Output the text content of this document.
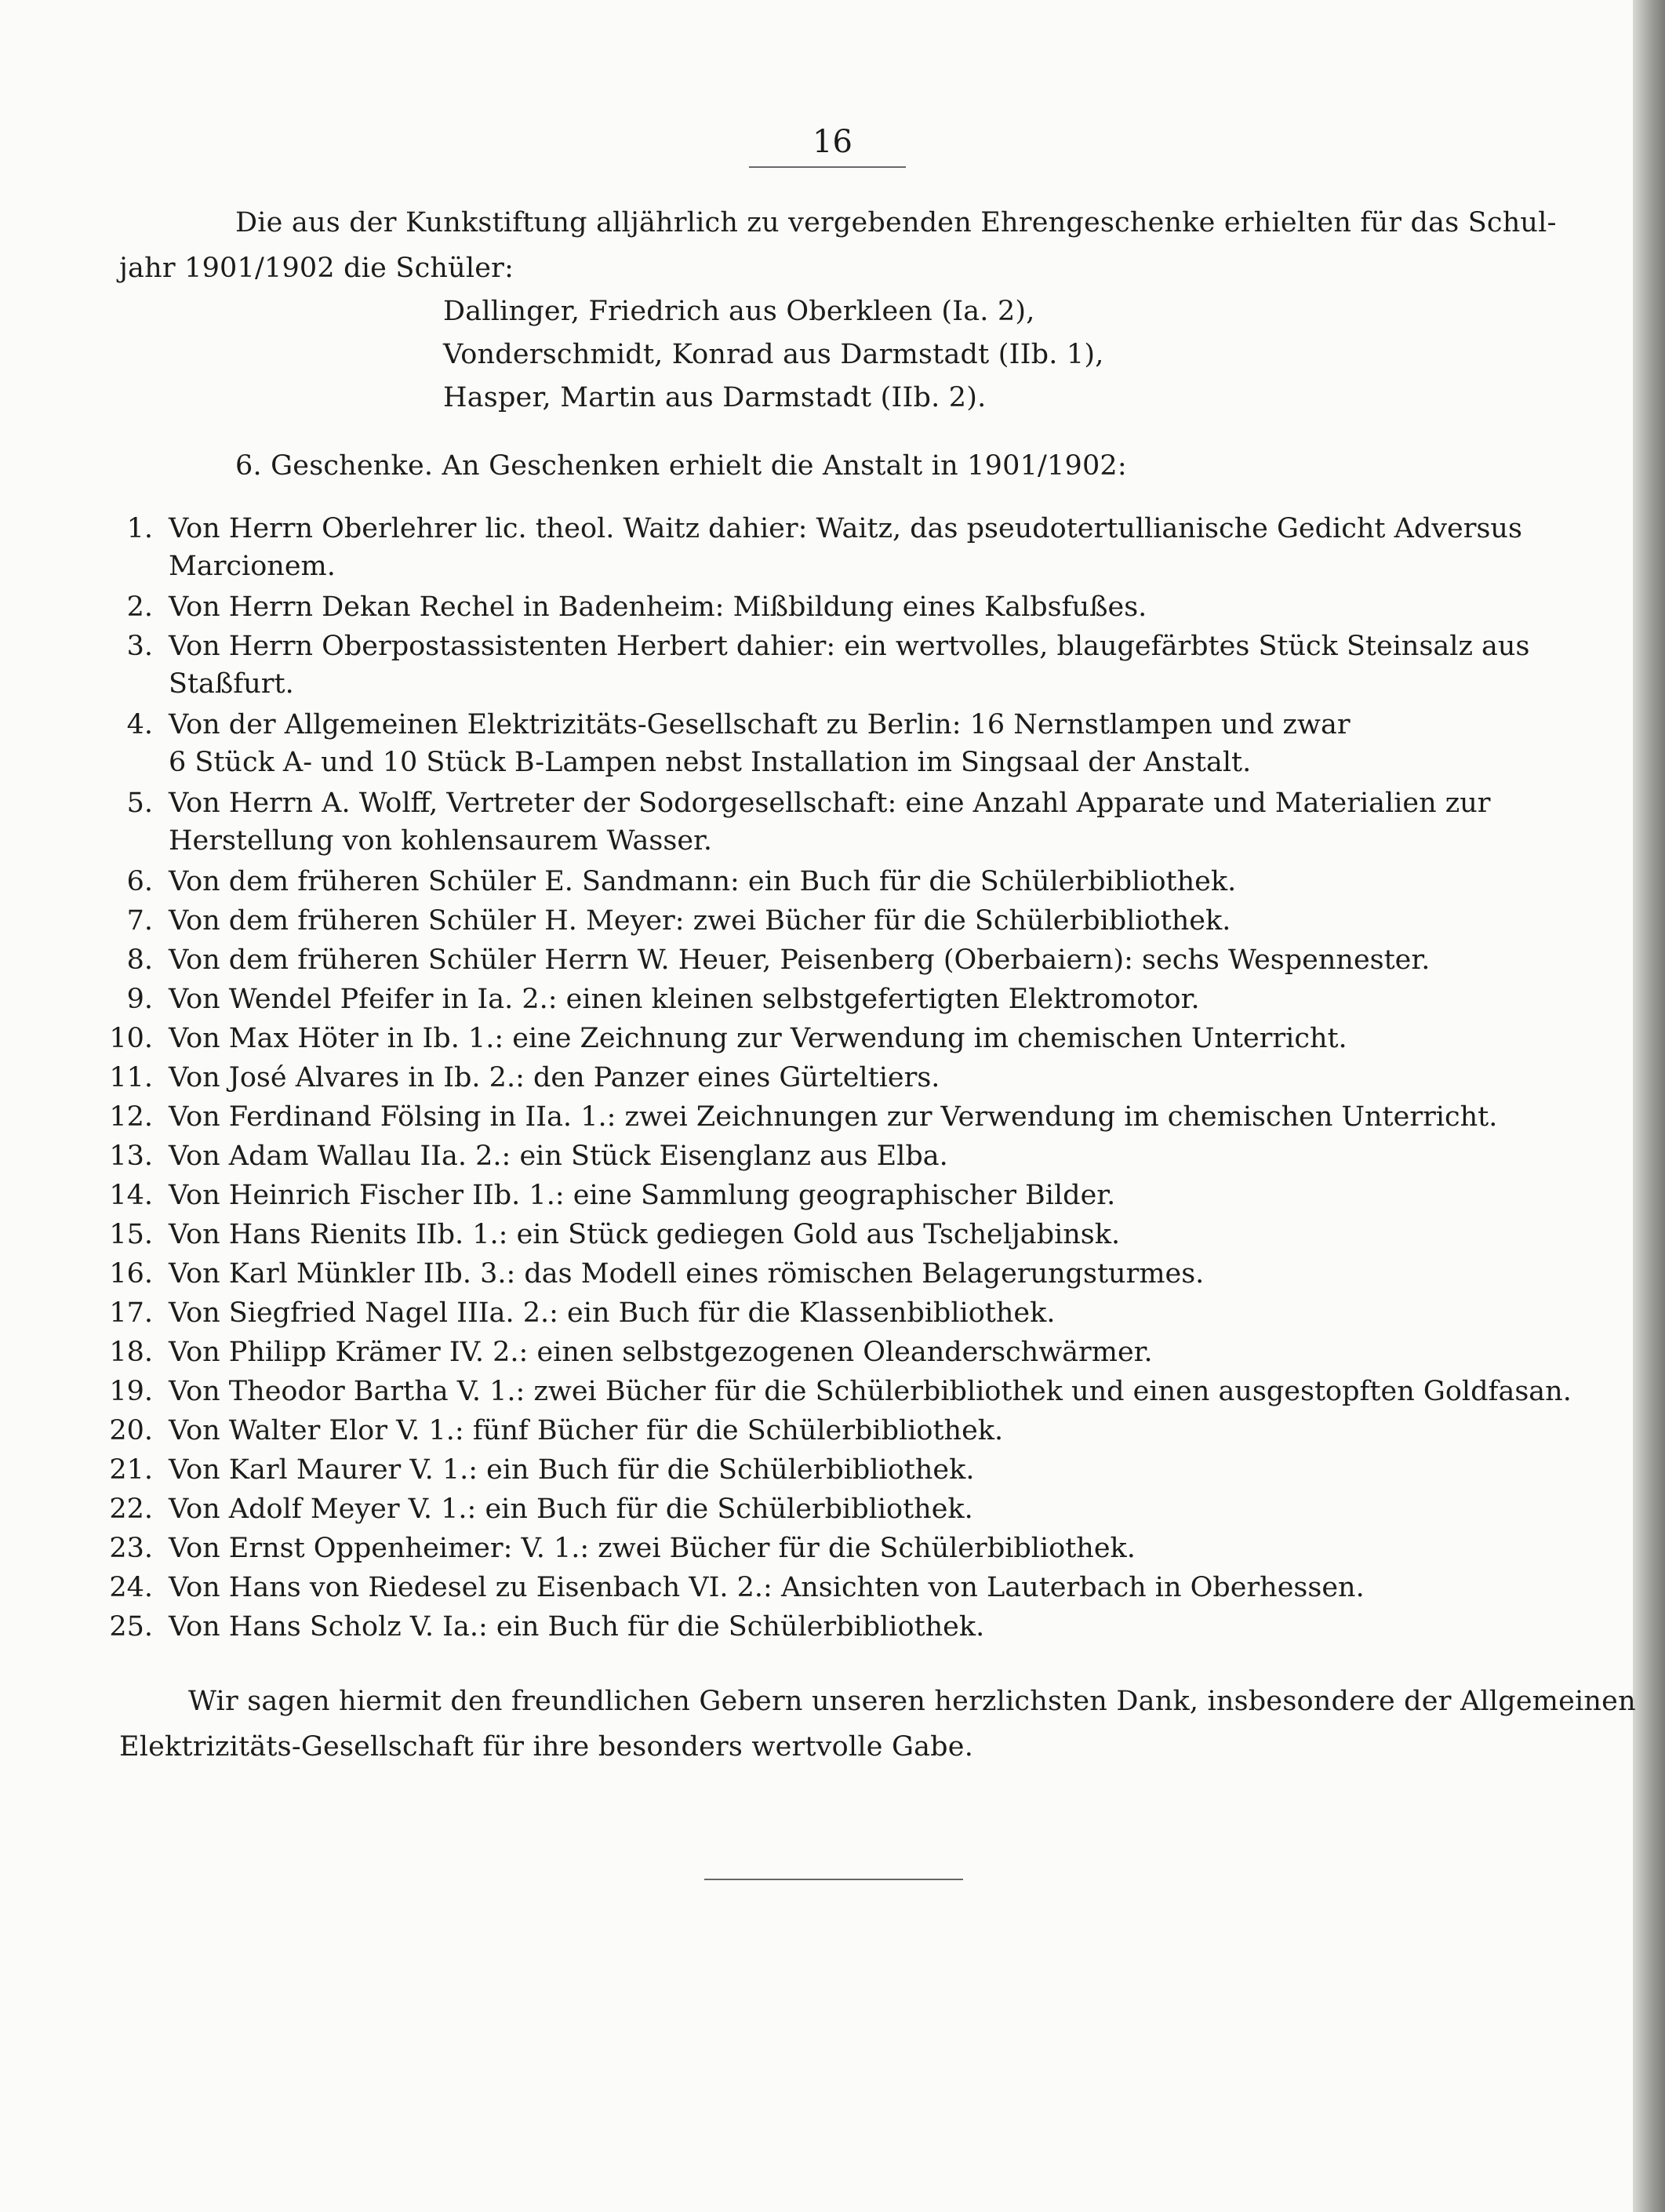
16
Die aus der Kunkstiftung alljährlich zu vergebenden Ehrengeschenke erhielten für das Schul-
jahr 1901/1902 die Schüler:
Dallinger, Friedrich aus Oberkleen (Ia. 2),
Vonderschmidt, Konrad aus Darmstadt (IIb. 1),
Hasper, Martin aus Darmstadt (IIb. 2).
6. Geschenke. An Geschenken erhielt die Anstalt in 1901/1902:
1. Von Herrn Oberlehrer lic. theol. Waitz dahier: Waitz, das pseudotertullianische Gedicht Adversus
Marcionem.
2. Von Herrn Dekan Rechel in Badenheim: Mißbildung eines Kalbsfußes.
3. Von Herrn Oberpostassistenten Herbert dahier: ein wertvolles, blaugefärbtes Stück Steinsalz aus
Staßfurt.
4. Von der Allgemeinen Elektrizitäts-Gesellschaft zu Berlin: 16 Nernstlampen und zwar
6 Stück A- und 10 Stück B-Lampen nebst Installation im Singsaal der Anstalt.
5. Von Herrn A. Wolff, Vertreter der Sodorgesellschaft: eine Anzahl Apparate und Materialien zur
Herstellung von kohlensaurem Wasser.
6. Von dem früheren Schüler E. Sandmann: ein Buch für die Schülerbibliothek.
7. Von dem früheren Schüler H. Meyer: zwei Bücher für die Schülerbibliothek.
8. Von dem früheren Schüler Herrn W. Heuer, Peisenberg (Oberbaiern): sechs Wespennester.
9. Von Wendel Pfeifer in Ia. 2.: einen kleinen selbstgefertigten Elektromotor.
10. Von Max Höter in Ib. 1.: eine Zeichnung zur Verwendung im chemischen Unterricht.
11. Von José Alvares in Ib. 2.: den Panzer eines Gürteltiers.
12. Von Ferdinand Fölsing in IIa. 1.: zwei Zeichnungen zur Verwendung im chemischen Unterricht.
13. Von Adam Wallau IIa. 2.: ein Stück Eisenglanz aus Elba.
14. Von Heinrich Fischer IIb. 1.: eine Sammlung geographischer Bilder.
15. Von Hans Rienits IIb. 1.: ein Stück gediegen Gold aus Tscheljabinsk.
16. Von Karl Münkler IIb. 3.: das Modell eines römischen Belagerungsturmes.
17. Von Siegfried Nagel IIIa. 2.: ein Buch für die Klassenbibliothek.
18. Von Philipp Krämer IV. 2.: einen selbstgezogenen Oleanderschwärmer.
19. Von Theodor Bartha V. 1.: zwei Bücher für die Schülerbibliothek und einen ausgestopften Goldfasan.
20. Von Walter Elor V. 1.: fünf Bücher für die Schülerbibliothek.
21. Von Karl Maurer V. 1.: ein Buch für die Schülerbibliothek.
22. Von Adolf Meyer V. 1.: ein Buch für die Schülerbibliothek.
23. Von Ernst Oppenheimer: V. 1.: zwei Bücher für die Schülerbibliothek.
24. Von Hans von Riedesel zu Eisenbach VI. 2.: Ansichten von Lauterbach in Oberhessen.
25. Von Hans Scholz V. Ia.: ein Buch für die Schülerbibliothek.
Wir sagen hiermit den freundlichen Gebern unseren herzlichsten Dank, insbesondere der Allgemeinen
Elektrizitäts-Gesellschaft für ihre besonders wertvolle Gabe.
